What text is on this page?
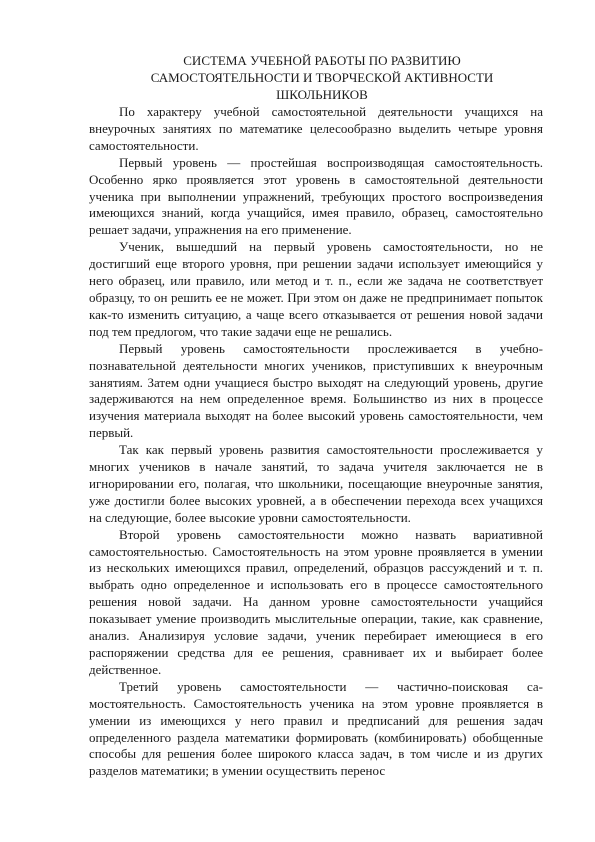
СИСТЕМА УЧЕБНОЙ РАБОТЫ ПО РАЗВИТИЮ
САМОСТОЯТЕЛЬНОСТИ И ТВОРЧЕСКОЙ АКТИВНОСТИ
ШКОЛЬНИКОВ

По характеру учебной самостоятельной деятельности учащихся на внеурочных занятиях по математике целесообразно выделить четыре уровня самостоятельности.

Первый уровень — простейшая воспроизводящая самостоятельность. Особенно ярко проявляется этот уровень в самостоятельной деятельности ученика при выполнении упражнений, требующих простого воспроизведения имеющихся знаний, когда учащийся, имея правило, образец, самостоятельно решает задачи, упражнения на его применение.

Ученик, вышедший на первый уровень самостоятельности, но не достигший еще второго уровня, при решении задачи использует имеющийся у него образец, или правило, или метод и т. п., если же задача не соответствует образцу, то он решить ее не может. При этом он даже не предпринимает попыток как-то изменить ситуацию, а чаще всего отказывается от решения новой задачи под тем предлогом, что такие задачи еще не решались.

Первый уровень самостоятельности прослеживается в учебно-познавательной деятельности многих учеников, приступивших к внеурочным занятиям. Затем одни учащиеся быстро выходят на следующий уровень, другие задерживаются на нем определенное время. Большинство из них в процессе изучения материала выходят на более высокий уровень самостоятельности, чем первый.

Так как первый уровень развития самостоятельности прослеживается у многих учеников в начале занятий, то задача учителя заключается не в игнорировании его, полагая, что школьники, посещающие внеурочные занятия, уже достигли более высоких уровней, а в обеспечении перехода всех учащихся на следующие, более высокие уровни самостоятельности.

Второй уровень самостоятельности можно назвать вариативной самостоятельностью. Самостоятельность на этом уровне проявляется в умении из нескольких имеющихся правил, определений, образцов рассуждений и т. п. выбрать одно определенное и использовать его в процессе самостоятельного решения новой задачи. На данном уровне самостоятельности учащийся показывает умение производить мыслительные операции, такие, как сравнение, анализ. Анализируя условие задачи, ученик перебирает имеющиеся в его распоряжении средства для ее решения, сравнивает их и выбирает более действенное.

Третий уровень самостоятельности — частично-поисковая са-мостоятельность. Самостоятельность ученика на этом уровне проявляется в умении из имеющихся у него правил и предписаний для решения задач определенного раздела математики формировать (комбинировать) обобщенные способы для решения более широкого класса задач, в том числе и из других разделов математики; в умении осуществить перенос
